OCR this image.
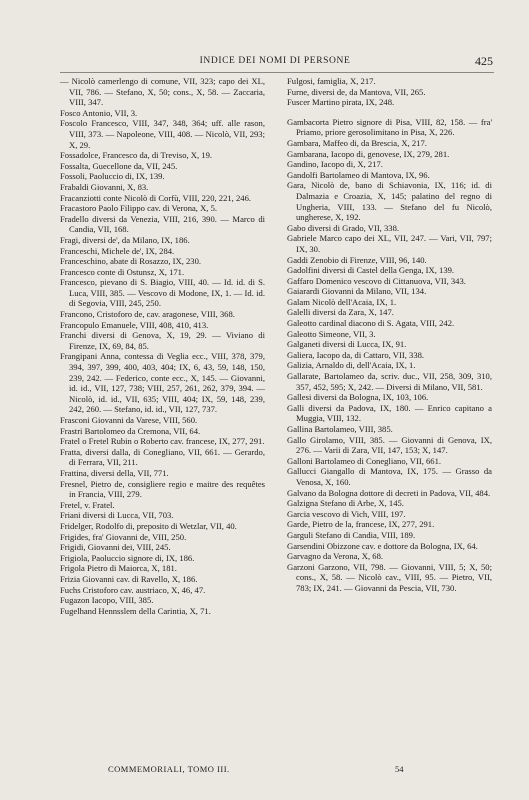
INDICE DEI NOMI DI PERSONE	425
— Nicolò camerlengo di comune, VII, 323; capo dei XL, VII, 786. — Stefano, X, 50; cons., X, 58. — Zaccaria, VIII, 347.
Fosco Antonio, VII, 3.
Foscolo Francesco, VIII, 347, 348, 364; uff. alle rason, VIII, 373. — Napoleone, VIII, 408. — Nicolò, VII, 293; X, 29.
Fossadolce, Francesco da, di Treviso, X, 19.
Fossalta, Guecellone da, VII, 245.
Fossoli, Paoluccio di, IX, 139.
Frabaldi Giovanni, X, 83.
Fracanziotti conte Nicolò di Corfù, VIII, 220, 221, 246.
Fracastoro Paolo Filippo cav. di Verona, X, 5.
Fradello diversi da Venezia, VIII, 216, 390. — Marco di Candia, VII, 168.
Fragi, diversi de', da Milano, IX, 186.
Franceschi, Michele de', IX, 284.
Franceschino, abate di Rosazzo, IX, 230.
Francesco conte di Ostunsz, X, 171.
Francesco, pievano di S. Biagio, VIII, 40. — Id. id. di S. Luca, VIII, 385. — Vescovo di Modone, IX, 1. — Id. id. di Segovia, VIII, 245, 250.
Francono, Cristoforo de, cav. aragonese, VIII, 368.
Francopulo Emanuele, VIII, 408, 410, 413.
Franchi diversi di Genova, X, 19, 29. — Viviano di Firenze, IX, 69, 84, 85.
Frangipani Anna, contessa di Veglia ecc., VIII, 378, 379, 394, 397, 399, 400, 403, 404; IX, 6, 43, 59, 148, 150, 239, 242. — Federico, conte ecc., X, 145. — Giovanni, id. id., VII, 127, 738; VIII, 257, 261, 262, 379, 394. — Nicolò, id. id., VII, 635; VIII, 404; IX, 59, 148, 239, 242, 260. — Stefano, id. id., VII, 127, 737.
Frasconi Giovanni da Varese, VIII, 560.
Frastri Bartolomeo da Cremona, VII, 64.
Fratel o Fretel Rubin o Roberto cav. francese, IX, 277, 291.
Fratta, diversi dalla, di Conegliano, VII, 661. — Gerardo, di Ferrara, VII, 211.
Frattina, diversi della, VII, 771.
Fresnel, Pietro de, consigliere regio e maitre des requêtes in Francia, VIII, 279.
Fretel, v. Fratel.
Friani diversi di Lucca, VII, 703.
Fridelger, Rodolfo di, preposito di Wetzlar, VII, 40.
Frigides, fra' Giovanni de, VIII, 250.
Frigidi, Giovanni dei, VIII, 245.
Frigiola, Paoluccio signore di, IX, 186.
Frigola Pietro di Maiorca, X, 181.
Frizia Giovanni cav. di Ravello, X, 186.
Fuchs Cristoforo cav. austriaco, X, 46, 47.
Fugazon Iacopo, VIII, 385.
Fugelhand Hennsslem della Carintia, X, 71.
Fulgosi, famiglia, X, 217.
Furne, diversi de, da Mantova, VII, 265.
Fuscer Martino pirata, IX, 248.
Gambacorta Pietro signore di Pisa, VIII, 82, 158. — fra' Priamo, priore gerosolimitano in Pisa, X, 226.
Gambara, Maffeo di, da Brescia, X, 217.
Gambarana, Iacopo di, genovese, IX, 279, 281.
Gandino, Iacopo di, X, 217.
Gandolfi Bartolameo di Mantova, IX, 96.
Gara, Nicolò de, bano di Schiavonia, IX, 116; id. di Dalmazia e Croazia, X, 145; palatino del regno di Ungheria, VIII, 133. — Stefano del fu Nicolò, ungherese, X, 192.
Gabo diversi di Grado, VII, 338.
Gabriele Marco capo dei XL, VII, 247. — Vari, VII, 797; IX, 30.
Gaddi Zenobio di Firenze, VIII, 96, 140.
Gadolfini diversi di Castel della Genga, IX, 139.
Gaffaro Domenico vescovo di Cittanuova, VII, 343.
Gaiarardi Giovanni da Milano, VII, 134.
Galam Nicolò dell'Acaia, IX, 1.
Galelli diversi da Zara, X, 147.
Galeotto cardinal diacono di S. Agata, VIII, 242.
Galeotto Simeone, VII, 3.
Galganeti diversi di Lucca, IX, 91.
Galiera, Iacopo da, di Cattaro, VII, 338.
Galizia, Arnaldo di, dell'Acaia, IX, 1.
Gallarate, Bartolameo da, scriv. duc., VII, 258, 309, 310, 357, 452, 595; X, 242. — Diversi di Milano, VII, 581.
Gallesi diversi da Bologna, IX, 103, 106.
Galli diversi da Padova, IX, 180. — Enrico capitano a Muggia, VIII, 132.
Gallina Bartolameo, VIII, 385.
Gallo Girolamo, VIII, 385. — Giovanni di Genova, IX, 276. — Varii di Zara, VII, 147, 153; X, 147.
Galloni Bartolameo di Conegliano, VII, 661.
Gallucci Giangallo di Mantova, IX, 175. — Grasso da Venosa, X, 160.
Galvano da Bologna dottore di decreti in Padova, VII, 484.
Galzigna Stefano di Arbe, X, 145.
Garcia vescovo di Vich, VIII, 197.
Garde, Pietro de la, francese, IX, 277, 291.
Garguli Stefano di Candia, VIII, 189.
Garsendini Obizzone cav. e dottore da Bologna, IX, 64.
Garvagno da Verona, X, 68.
Garzoni Garzono, VII, 798. — Giovanni, VIII, 5; X, 50; cons., X, 58. — Nicolò cav., VIII, 95. — Pietro, VII, 783; IX, 241. — Giovanni da Pescia, VII, 730.
COMMEMORIALI, TOMO III.	54
